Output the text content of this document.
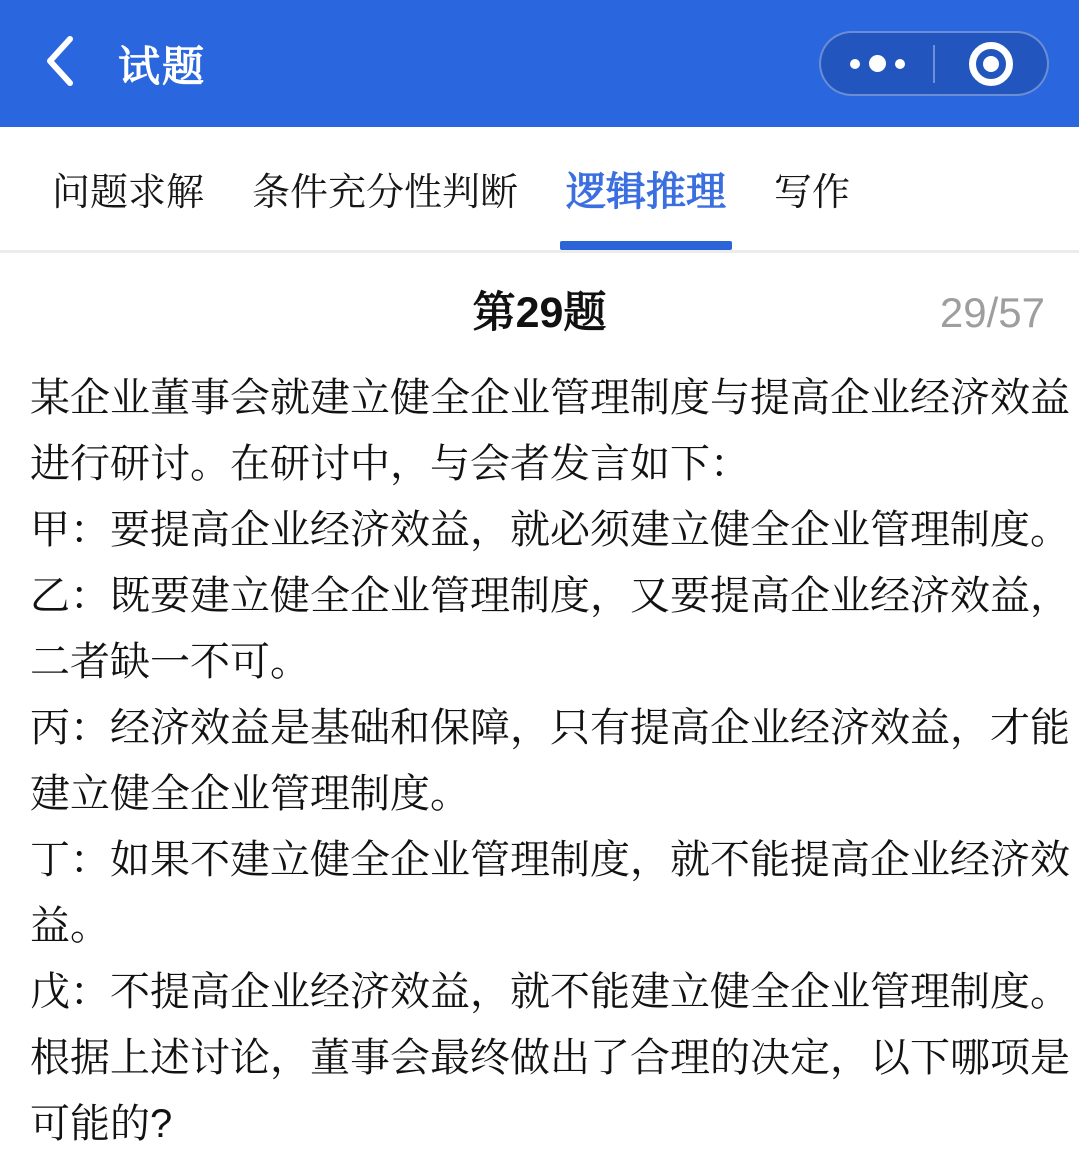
试题
问题求解 条件充分性判断 逻辑推理 写作
第29题	29/57
某企业董事会就建立健全企业管理制度与提高企业经济效益
进行研讨。在研讨中，与会者发言如下：
甲：要提高企业经济效益，就必须建立健全企业管理制度。
乙：既要建立健全企业管理制度，又要提高企业经济效益，
二者缺一不可。
丙：经济效益是基础和保障，只有提高企业经济效益，才能
建立健全企业管理制度。
丁：如果不建立健全企业管理制度，就不能提高企业经济效
益。
戊：不提高企业经济效益，就不能建立健全企业管理制度。
根据上述讨论，董事会最终做出了合理的决定，以下哪项是
可能的?
